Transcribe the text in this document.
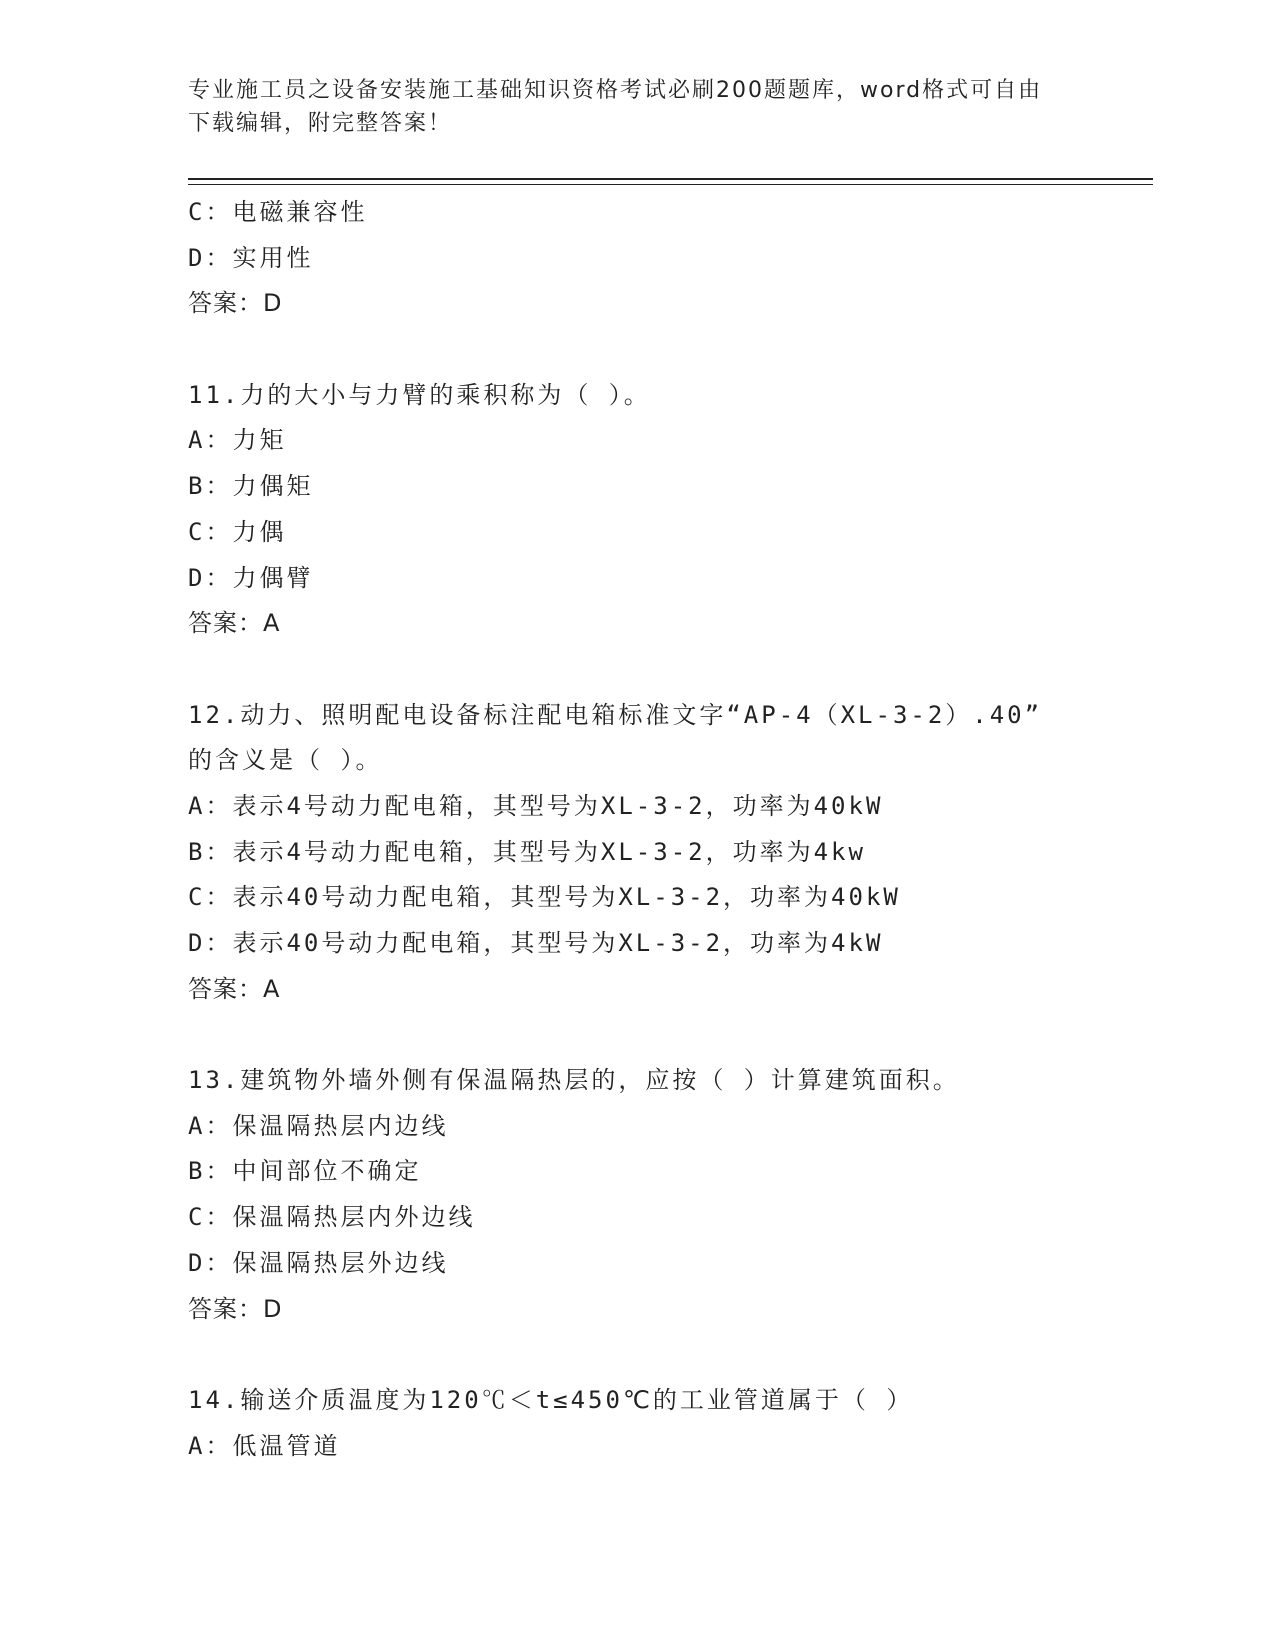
专业施工员之设备安装施工基础知识资格考试必刷200题题库，word格式可自由
下载编辑，附完整答案！
C：电磁兼容性
D：实用性
答案：D
11.力的大小与力臂的乘积称为（ ）。
A：力矩
B：力偶矩
C：力偶
D：力偶臂
答案：A
12.动力、照明配电设备标注配电箱标准文字“AP-4（XL-3-2）.40”
的含义是（ ）。
A：表示4号动力配电箱，其型号为XL-3-2，功率为40kW
B：表示4号动力配电箱，其型号为XL-3-2，功率为4kw
C：表示40号动力配电箱，其型号为XL-3-2，功率为40kW
D：表示40号动力配电箱，其型号为XL-3-2，功率为4kW
答案：A
13.建筑物外墙外侧有保温隔热层的，应按（ ）计算建筑面积。
A：保温隔热层内边线
B：中间部位不确定
C：保温隔热层内外边线
D：保温隔热层外边线
答案：D
14.输送介质温度为120℃＜t≤450℃的工业管道属于（ ）
A：低温管道
